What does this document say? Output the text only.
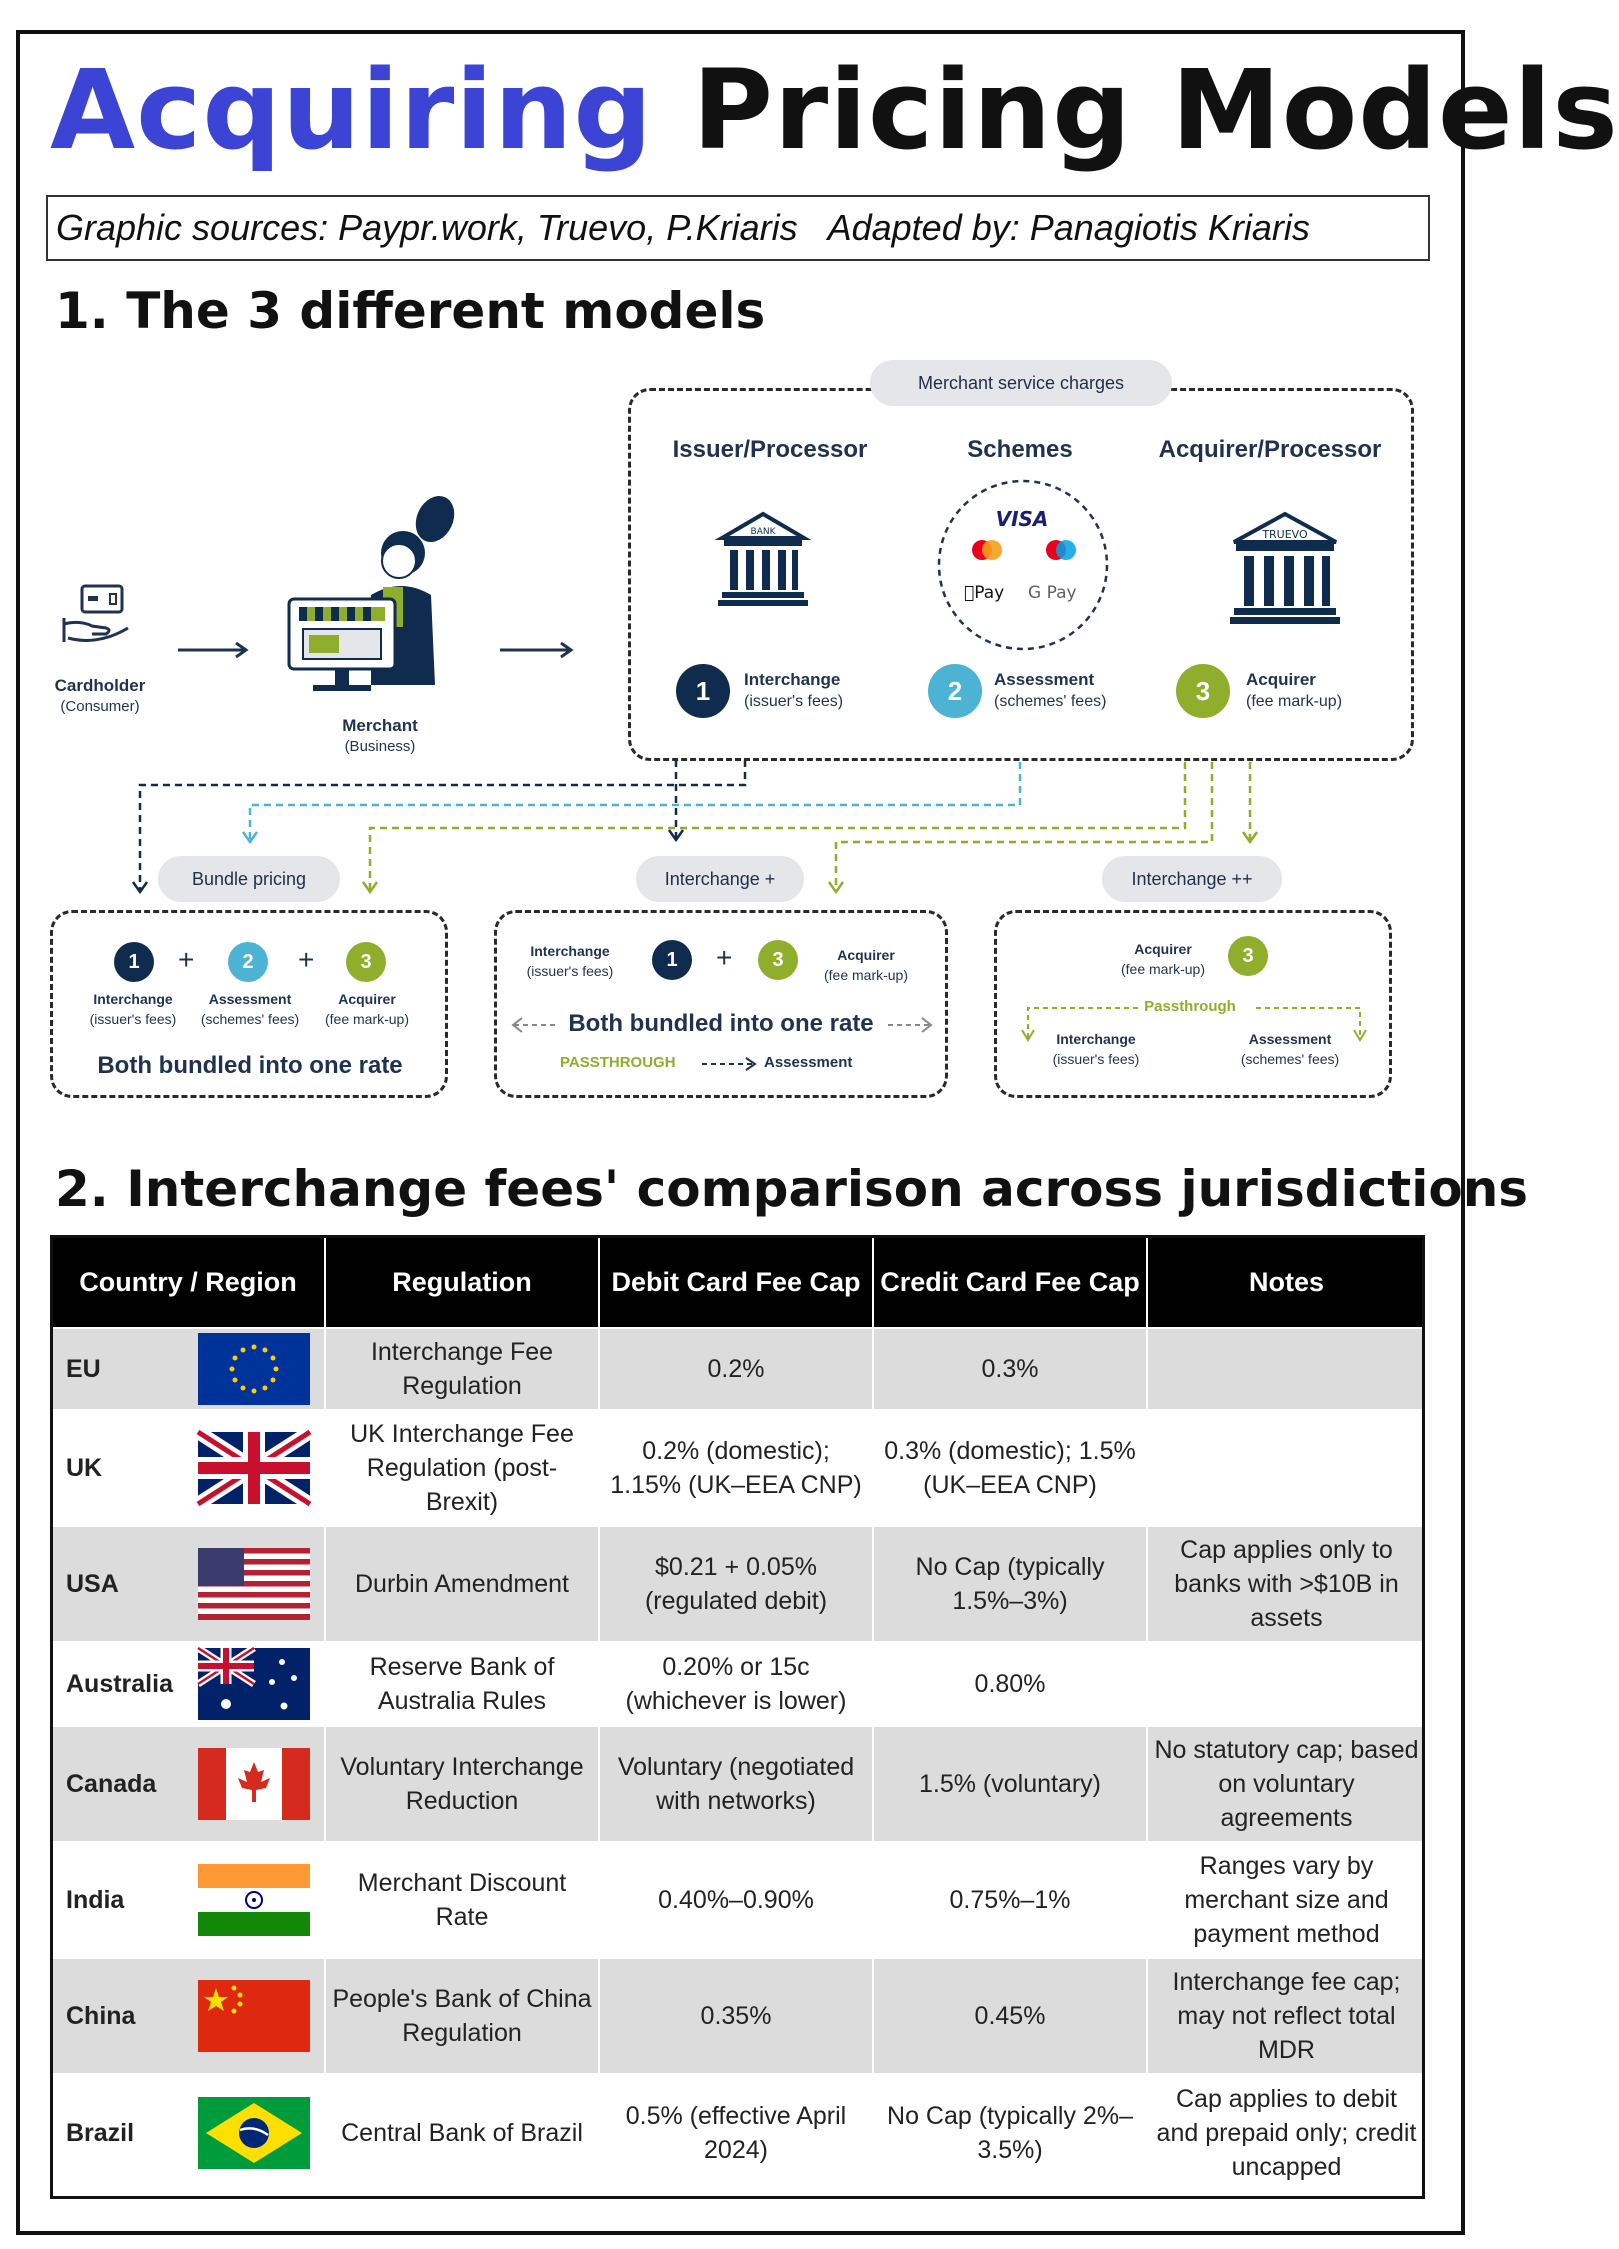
Acquiring Pricing Models
Graphic sources: Paypr.work, Truevo, P.Kriaris Adapted by: Panagiotis Kriaris
1. The 3 different models
Cardholder
(Consumer)
Merchant
(Business)
Merchant service charges
Issuer/Processor	Schemes	Acquirer/Processor
BANK
VISA
Pay G Pay
TRUEVO
1	Interchange
(issuer's fees)	2	Assessment
(schemes' fees)	3	Acquirer
(fee mark-up)
Bundle pricing
1	+	2	+	3
Interchange
(issuer's fees)
Assessment
(schemes' fees)
Acquirer
(fee mark-up)
Both bundled into one rate
Interchange +
Interchange
(issuer's fees)	1	+	3	Acquirer
(fee mark-up)
Both bundled into one rate
PASSTHROUGH	Assessment
Interchange ++
Acquirer
(fee mark-up)
3
Passthrough
Interchange
(issuer's fees)
Assessment
(schemes' fees)
2. Interchange fees' comparison across jurisdictions
Country / Region	Regulation	Debit Card Fee Cap	Credit Card Fee Cap	Notes
EU	Interchange Fee Regulation	0.2%	0.3%	
UK	UK Interchange Fee Regulation (post-Brexit)	0.2% (domestic); 1.15% (UK–EEA CNP)	0.3% (domestic); 1.5% (UK–EEA CNP)	
USA	Durbin Amendment	$0.21 + 0.05% (regulated debit)	No Cap (typically 1.5%–3%)	Cap applies only to banks with >$10B in assets
Australia	Reserve Bank of Australia Rules	0.20% or 15c (whichever is lower)	0.80%	
Canada	Voluntary Interchange Reduction	Voluntary (negotiated with networks)	1.5% (voluntary)	No statutory cap; based on voluntary agreements
India	Merchant Discount Rate	0.40%–0.90%	0.75%–1%	Ranges vary by merchant size and payment method
China	People's Bank of China Regulation	0.35%	0.45%	Interchange fee cap; may not reflect total MDR
Brazil	Central Bank of Brazil	0.5% (effective April 2024)	No Cap (typically 2%–3.5%)	Cap applies to debit and prepaid only; credit uncapped
